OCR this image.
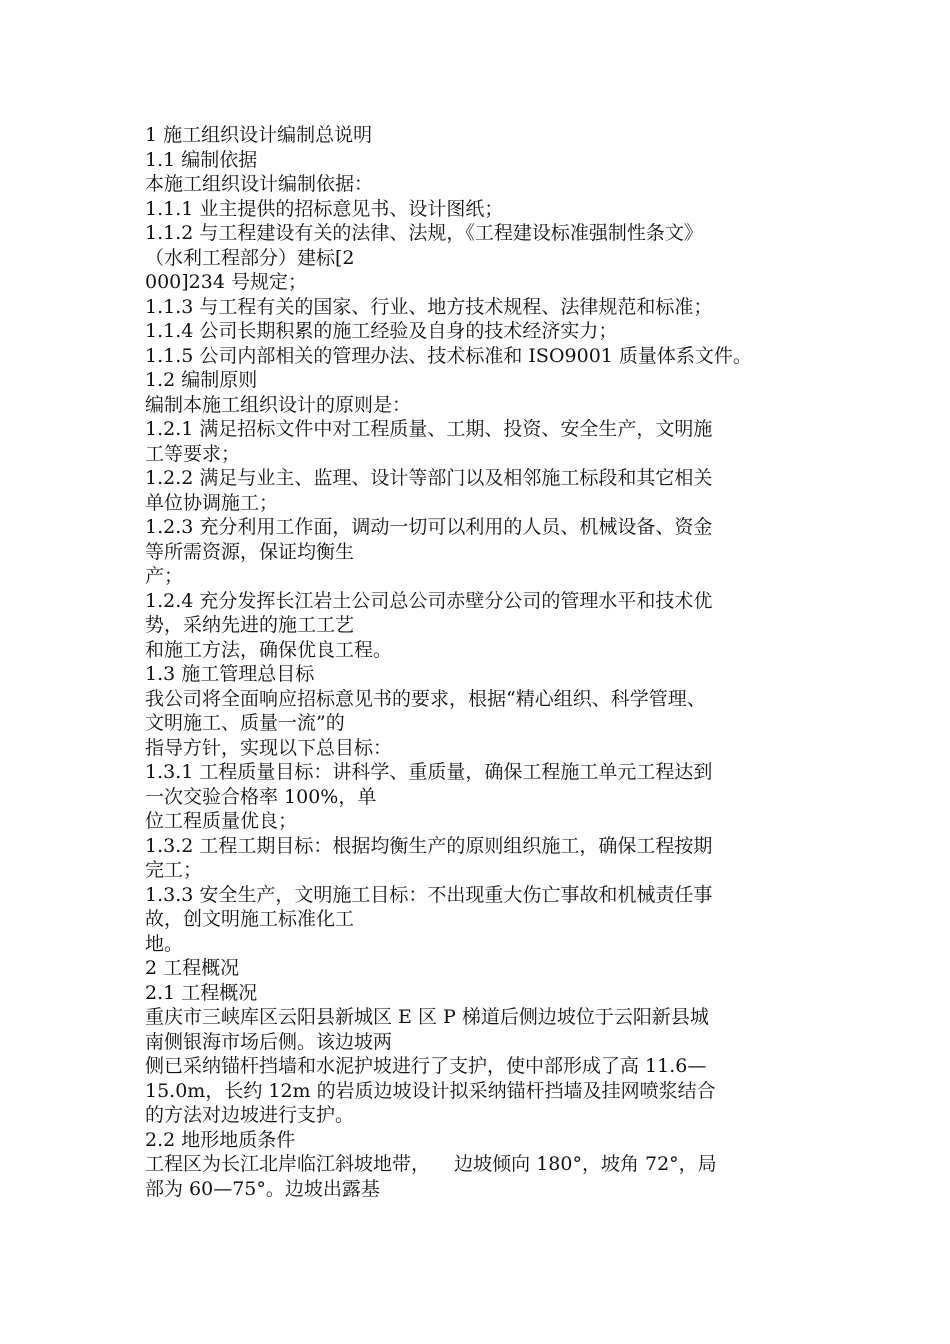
1 施工组织设计编制总说明
1.1 编制依据
本施工组织设计编制依据：
1.1.1 业主提供的招标意见书、设计图纸；
1.1.2 与工程建设有关的法律、法规，《工程建设标准强制性条文》
（水利工程部分）建标[2
000]234 号规定；
1.1.3 与工程有关的国家、行业、地方技术规程、法律规范和标准；
1.1.4 公司长期积累的施工经验及自身的技术经济实力；
1.1.5 公司内部相关的管理办法、技术标准和 ISO9001 质量体系文件。
1.2 编制原则
编制本施工组织设计的原则是：
1.2.1 满足招标文件中对工程质量、工期、投资、安全生产，文明施
工等要求；
1.2.2 满足与业主、监理、设计等部门以及相邻施工标段和其它相关
单位协调施工；
1.2.3 充分利用工作面，调动一切可以利用的人员、机械设备、资金
等所需资源，保证均衡生
产；
1.2.4 充分发挥长江岩土公司总公司赤壁分公司的管理水平和技术优
势，采纳先进的施工工艺
和施工方法，确保优良工程。
1.3 施工管理总目标
我公司将全面响应招标意见书的要求，根据“精心组织、科学管理、
文明施工、质量一流”的
指导方针，实现以下总目标：
1.3.1 工程质量目标：讲科学、重质量，确保工程施工单元工程达到
一次交验合格率 100%，单
位工程质量优良；
1.3.2 工程工期目标：根据均衡生产的原则组织施工，确保工程按期
完工；
1.3.3 安全生产，文明施工目标：不出现重大伤亡事故和机械责任事
故，创文明施工标准化工
地。
2 工程概况
2.1 工程概况
重庆市三峡库区云阳县新城区 E 区 P 梯道后侧边坡位于云阳新县城
南侧银海市场后侧。该边坡两
侧已采纳锚杆挡墙和水泥护坡进行了支护，使中部形成了高 11.6—
15.0m，长约 12m 的岩质边坡设计拟采纳锚杆挡墙及挂网喷浆结合
的方法对边坡进行支护。
2.2 地形地质条件
工程区为长江北岸临江斜坡地带，    边坡倾向 180°，坡角 72°，局
部为 60—75°。边坡出露基
